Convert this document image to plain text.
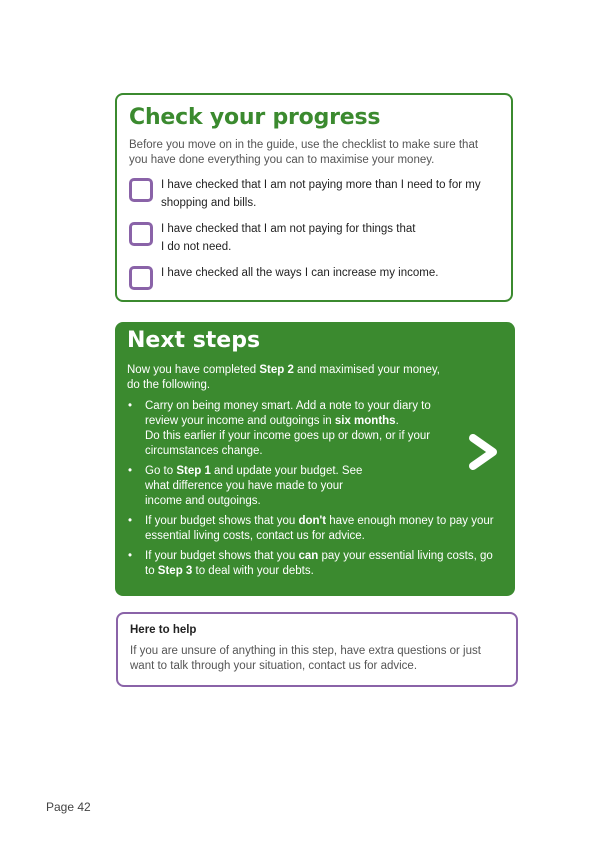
Check your progress

Before you move on in the guide, use the checklist to make sure that
you have done everything you can to maximise your money.

I have checked that I am not paying more than I need to for my
shopping and bills.
I have checked that I am not paying for things that
I do not need.
I have checked all the ways I can increase my income.
Next steps

Now you have completed Step 2 and maximised your money,
do the following.

• Carry on being money smart. Add a note to your diary to
review your income and outgoings in six months.
Do this earlier if your income goes up or down, or if your
circumstances change.
• Go to Step 1 and update your budget. See
what difference you have made to your
income and outgoings.
• If your budget shows that you don't have enough money to pay your
essential living costs, contact us for advice.
• If your budget shows that you can pay your essential living costs, go
to Step 3 to deal with your debts.

Here to help

If you are unsure of anything in this step, have extra questions or just
want to talk through your situation, contact us for advice.

Page 42
